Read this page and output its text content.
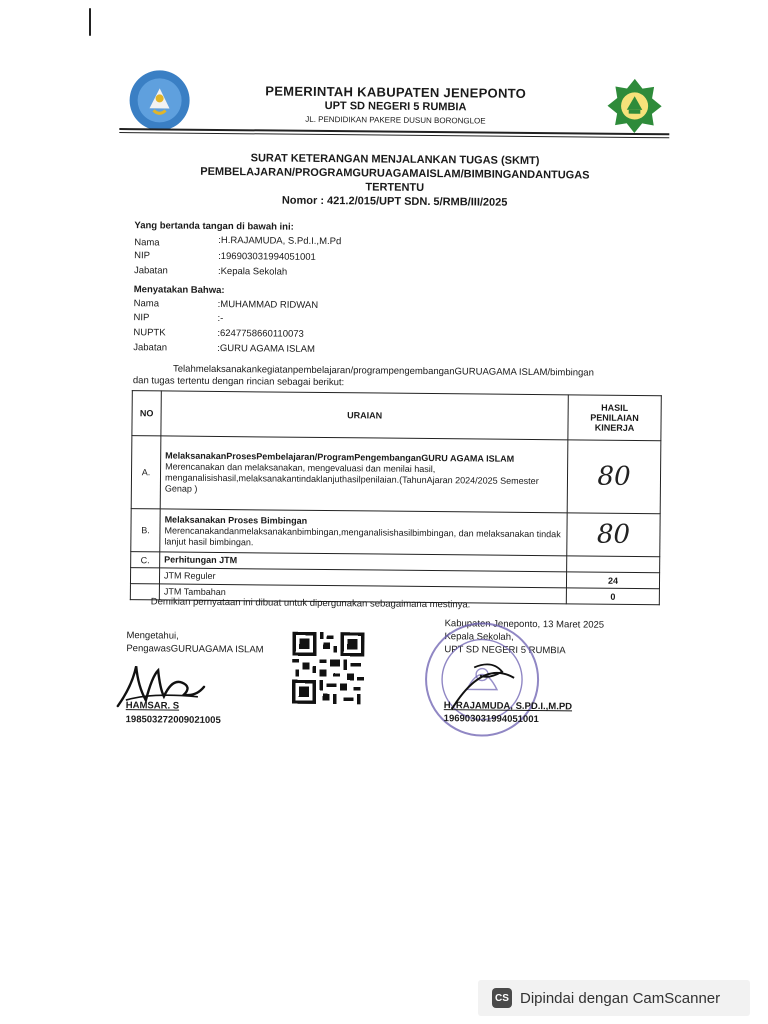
PEMERINTAH KABUPATEN JENEPONTO
UPT SD NEGERI 5 RUMBIA
JL. PENDIDIKAN PAKERE DUSUN BORONGLOE
SURAT KETERANGAN MENJALANKAN TUGAS (SKMT)
PEMBELAJARAN/PROGRAMGURUAGAMAISLAM/BIMBINGANDANTUGAS
TERTENTU
Nomor : 421.2/015/UPT SDN. 5/RMB/III/2025
Yang bertanda tangan di bawah ini:
Nama	:H.RAJAMUDA, S.Pd.I.,M.Pd
NIP	:196903031994051001
Jabatan	:Kepala Sekolah
Menyatakan Bahwa:
Nama	:MUHAMMAD RIDWAN
NIP	:-
NUPTK	:6247758660110073
Jabatan	:GURU AGAMA ISLAM
Telahmelaksanakankegiatanpembelajaran/programpengembanganGURUAGAMA ISLAM/bimbingan
dan tugas tertentu dengan rincian sebagai berikut:
NO	URAIAN	HASIL
PENILAIAN
KINERJA

A.	MelaksanakanProsesPembelajaran/ProgramPengembanganGURU AGAMA ISLAM
Merencanakan dan melaksanakan, mengevaluasi dan menilai hasil, menganalisishasil,melaksanakantindaklanjuthasilpenilaian.(TahunAjaran 2024/2025 Semester Genap )	80
B.	Melaksanakan Proses Bimbingan
Merencanakandanmelaksanakanbimbingan,menganalisishasilbimbingan, dan melaksanakan tindak lanjut hasil bimbingan.	80
C.	Perhitungan JTM	
	JTM Reguler	24
	JTM Tambahan	0
Demikian pernyataan ini dibuat untuk dipergunakan sebagaimana mestinya.
Mengetahui,
PengawasGURUAGAMA ISLAM
HAMSAR. S
198503272009021005
Kabupaten Jeneponto, 13 Maret 2025
Kepala Sekolah,
UPT SD NEGERI 5 RUMBIA
H. RAJAMUDA, S.PD.I.,M.PD
196903031994051001
CS Dipindai dengan CamScanner
